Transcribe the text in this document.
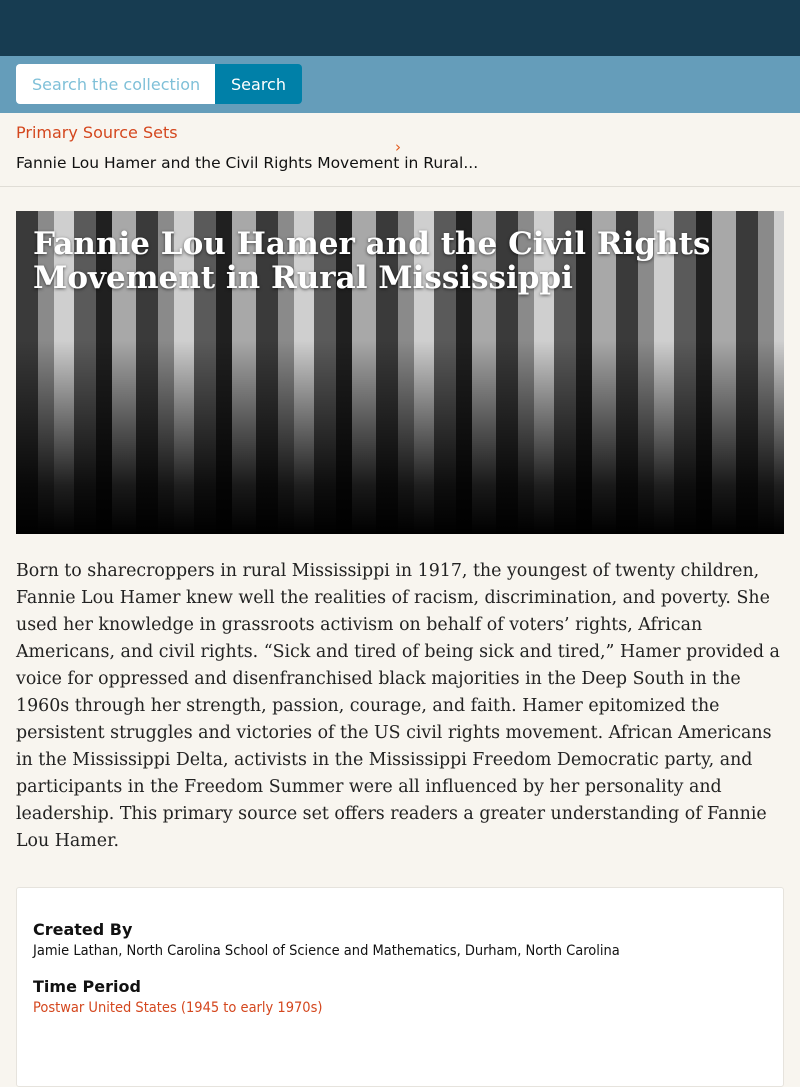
Search the collection
Search
Primary Source Sets
Fannie Lou Hamer and the Civil Rights Movement in Rural...
›
Fannie Lou Hamer and the Civil Rights Movement in Rural Mississippi

Born to sharecroppers in rural Mississippi in 1917, the youngest of twenty children, Fannie Lou Hamer knew well the realities of racism, discrimination, and poverty. She used her knowledge in grassroots activism on behalf of voters’ rights, African Americans, and civil rights. “Sick and tired of being sick and tired,” Hamer provided a voice for oppressed and disenfranchised black majorities in the Deep South in the 1960s through her strength, passion, courage, and faith. Hamer epitomized the persistent struggles and victories of the US civil rights movement. African Americans in the Mississippi Delta, activists in the Mississippi Freedom Democratic party, and participants in the Freedom Summer were all influenced by her personality and leadership. This primary source set offers readers a greater understanding of Fannie Lou Hamer.

Created By
Jamie Lathan, North Carolina School of Science and Mathematics, Durham, North Carolina
Time Period
Postwar United States (1945 to early 1970s)
